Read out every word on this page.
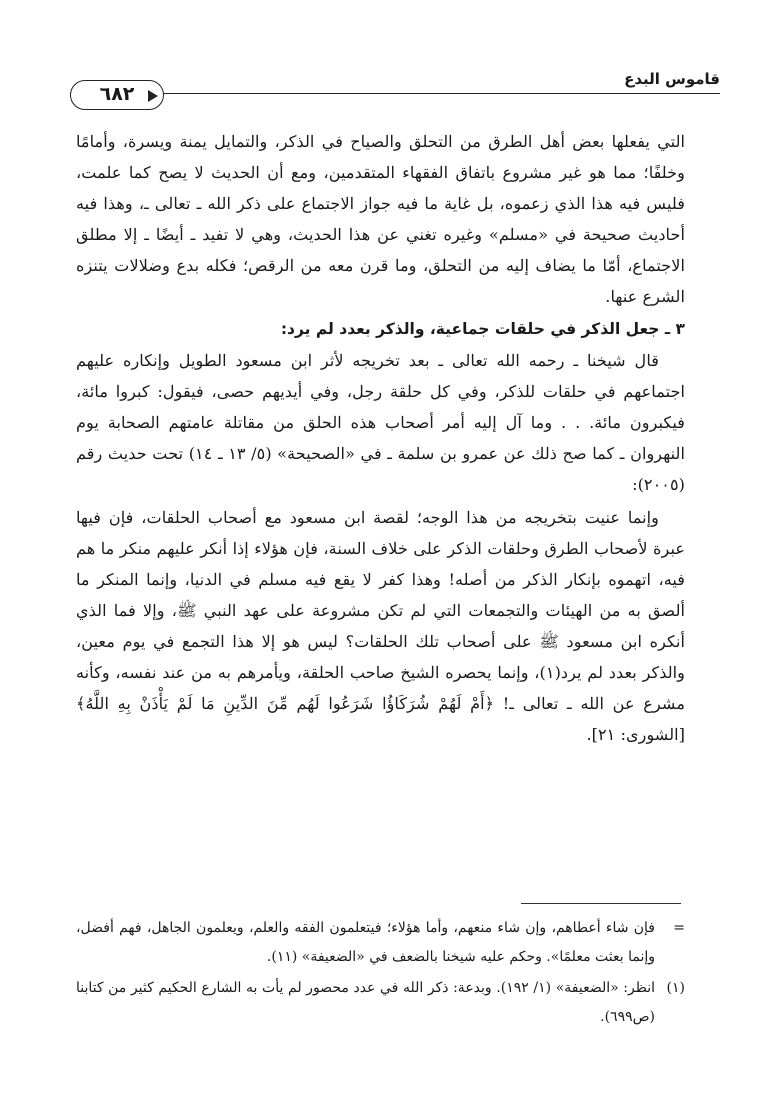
قاموس البدع
٦٨٢

التي يفعلها بعض أهل الطرق من التحلق والصياح في الذكر، والتمايل يمنة ويسرة، وأمامًا وخلفًا؛ مما هو غير مشروع باتفاق الفقهاء المتقدمين، ومع أن الحديث لا يصح كما علمت، فليس فيه هذا الذي زعموه، بل غاية ما فيه جواز الاجتماع على ذكر الله ـ تعالى ـ، وهذا فيه أحاديث صحيحة في «مسلم» وغيره تغني عن هذا الحديث، وهي لا تفيد ـ أيضًا ـ إلا مطلق الاجتماع، أمّا ما يضاف إليه من التحلق، وما قرن معه من الرقص؛ فكله بدع وضلالات يتنزه الشرع عنها.

٣ ـ جعل الذكر في حلقات جماعية، والذكر بعدد لم يرد:

قال شيخنا ـ رحمه الله تعالى ـ بعد تخريجه لأثر ابن مسعود الطويل وإنكاره عليهم اجتماعهم في حلقات للذكر، وفي كل حلقة رجل، وفي أيديهم حصى، فيقول: كبروا مائة، فيكبرون مائة. . . وما آل إليه أمر أصحاب هذه الحلق من مقاتلة عامتهم الصحابة يوم النهروان ـ كما صح ذلك عن عمرو بن سلمة ـ في «الصحيحة» (٥/ ١٣ ـ ١٤) تحت حديث رقم (٢٠٠٥):

وإنما عنيت بتخريجه من هذا الوجه؛ لقصة ابن مسعود مع أصحاب الحلقات، فإن فيها عبرة لأصحاب الطرق وحلقات الذكر على خلاف السنة، فإن هؤلاء إذا أنكر عليهم منكر ما هم فيه، اتهموه بإنكار الذكر من أصله! وهذا كفر لا يقع فيه مسلم في الدنيا، وإنما المنكر ما ألصق به من الهيئات والتجمعات التي لم تكن مشروعة على عهد النبي ﷺ، وإلا فما الذي أنكره ابن مسعود ﷺ على أصحاب تلك الحلقات؟ ليس هو إلا هذا التجمع في يوم معين، والذكر بعدد لم يرد(١)، وإنما يحصره الشيخ صاحب الحلقة، ويأمرهم به من عند نفسه، وكأنه مشرع عن الله ـ تعالى ـ! ﴿أَمْ لَهُمْ شُرَكَاؤُا شَرَعُوا لَهُم مِّنَ الدِّينِ مَا لَمْ يَأْذَنْ بِهِ اللَّهُ﴾ [الشورى: ٢١].

=
فإن شاء أعطاهم، وإن شاء منعهم، وأما هؤلاء؛ فيتعلمون الفقه والعلم، ويعلمون الجاهل، فهم أفضل، وإنما بعثت معلمًا». وحكم عليه شيخنا بالضعف في «الضعيفة» (١١).

(١)
انظر: «الضعيفة» (١/ ١٩٢). وبدعة: ذكر الله في عدد محصور لم يأت به الشارع الحكيم كثير من كتابنا (ص٦٩٩).
